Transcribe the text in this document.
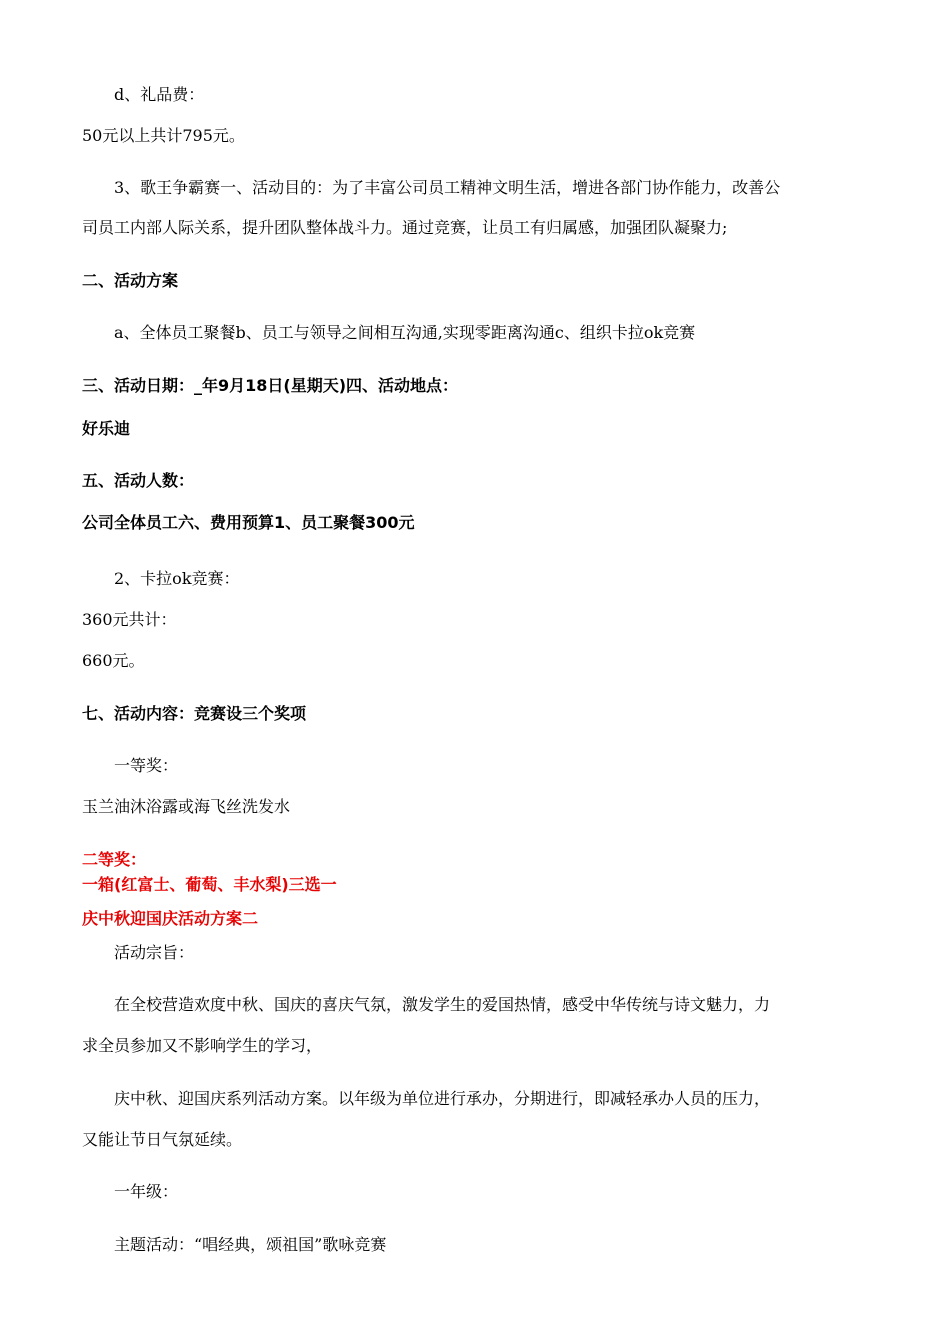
d、礼品费：

50元以上共计795元。

3、歌王争霸赛一、活动目的：为了丰富公司员工精神文明生活，增进各部门协作能力，改善公

司员工内部人际关系，提升团队整体战斗力。通过竞赛，让员工有归属感，加强团队凝聚力;

二、活动方案

a、全体员工聚餐b、员工与领导之间相互沟通,实现零距离沟通c、组织卡拉ok竞赛

三、活动日期：_年9月18日(星期天)四、活动地点：

好乐迪

五、活动人数：

公司全体员工六、费用预算1、员工聚餐300元

2、卡拉ok竞赛：

360元共计：

660元。

七、活动内容：竞赛设三个奖项

一等奖：

玉兰油沐浴露或海飞丝洗发水

二等奖：

一箱(红富士、葡萄、丰水梨)三选一

庆中秋迎国庆活动方案二

活动宗旨：

在全校营造欢度中秋、国庆的喜庆气氛，激发学生的爱国热情，感受中华传统与诗文魅力，力

求全员参加又不影响学生的学习，

庆中秋、迎国庆系列活动方案。以年级为单位进行承办，分期进行，即减轻承办人员的压力，

又能让节日气氛延续。

一年级：

主题活动：“唱经典，颂祖国”歌咏竞赛
